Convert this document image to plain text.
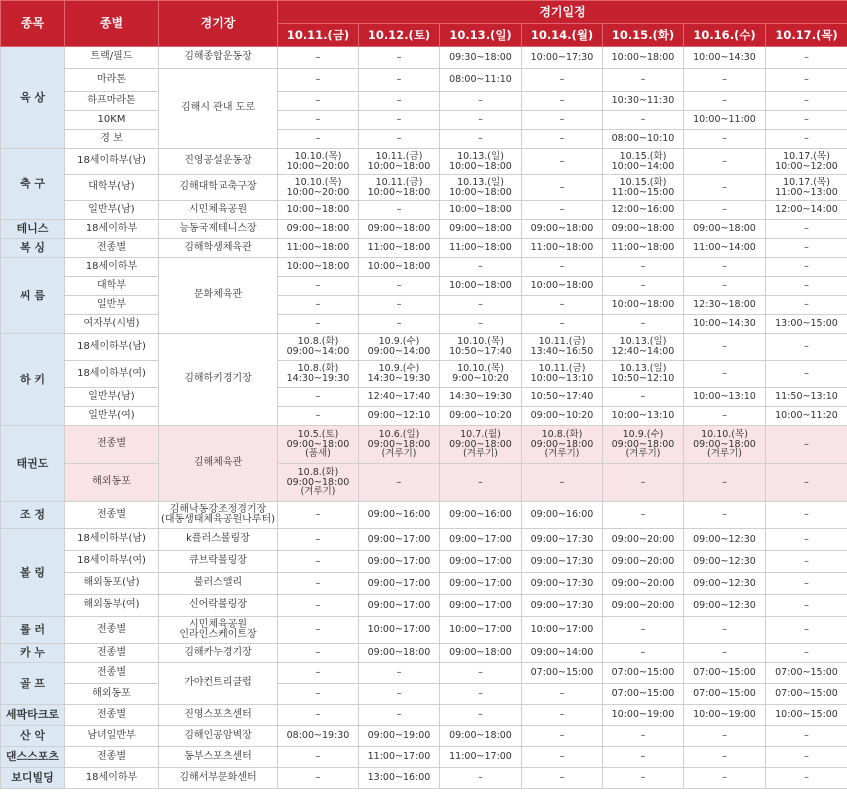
종목	종별	경기장	경기일정						
			10.11.(금)	10.12.(토)	10.13.(일)	10.14.(월)	10.15.(화)	10.16.(수)	10.17.(목)
육 상	트랙/필드	김해종합운동장	–	–	09:30~18:00	10:00~17:30	10:00~18:00	10:00~14:30	–
	마라톤	김해시 관내 도로	–	–	08:00~11:10	–	–	–	–
	하프마라톤		–	–	–	–	10:30~11:30	–	–
	10KM		–	–	–	–	–	10:00~11:00	–
	경 보		–	–	–	–	08:00~10:10	–	–
축 구	18세이하부(남)	진영공설운동장	10.10.(목)
10:00~20:00	10.11.(금)
10:00~18:00	10.13.(일)
10:00~18:00	–	10.15.(화)
10:00~14:00	–	10.17.(목)
10:00~12:00
	대학부(남)	김해대학교축구장	10.10.(목)
10:00~20:00	10.11.(금)
10:00~18:00	10.13.(일)
10:00~18:00	–	10.15.(화)
11:00~15:00	–	10.17.(목)
11:00~13:00
	일반부(남)	시민체육공원	10:00~18:00	–	10:00~18:00	–	12:00~16:00	–	12:00~14:00
테니스	18세이하부	능동국제테니스장	09:00~18:00	09:00~18:00	09:00~18:00	09:00~18:00	09:00~18:00	09:00~18:00	–
복 싱	전종별	김해학생체육관	11:00~18:00	11:00~18:00	11:00~18:00	11:00~18:00	11:00~18:00	11:00~14:00	–
씨 름	18세이하부	문화체육관	10:00~18:00	10:00~18:00	–	–	–	–	–
	대학부		–	–	10:00~18:00	10:00~18:00	–	–	–
	일반부		–	–	–	–	10:00~18:00	12:30~18:00	–
	여자부(시범)		–	–	–	–	–	10:00~14:30	13:00~15:00
하 키	18세이하부(남)	김해하키경기장	10.8.(화)
09:00~14:00	10.9.(수)
09:00~14:00	10.10.(목)
10:50~17:40	10.11.(금)
13:40~16:50	10.13.(일)
12:40~14:00	–	–
	18세이하부(여)		10.8.(화)
14:30~19:30	10.9.(수)
14:30~19:30	10.10.(목)
9:00~10:20	10.11.(금)
10:00~13:10	10.13.(일)
10:50~12:10	–	–
	일반부(남)		–	12:40~17:40	14:30~19:30	10:50~17:40	–	10:00~13:10	11:50~13:10
	일반부(여)		–	09:00~12:10	09:00~10:20	09:00~10:20	10:00~13:10	–	10:00~11:20
태권도	전종별	김해체육관	10.5.(토)
09:00~18:00
(품새)	10.6.(일)
09:00~18:00
(겨루기)	10.7.(월)
09:00~18:00
(겨루기)	10.8.(화)
09:00~18:00
(겨루기)	10.9.(수)
09:00~18:00
(겨루기)	10.10.(목)
09:00~18:00
(겨루기)	–
	해외동포		10.8.(화)
09:00~18:00
(겨루기)	–	–	–	–	–	–
조 정	전종별	김해낙동강조정경기장
(대동생태체육공원나루터)	–	09:00~16:00	09:00~16:00	09:00~16:00	–	–	–
볼 링	18세이하부(남)	k플러스볼링장	–	09:00~17:00	09:00~17:00	09:00~17:30	09:00~20:00	09:00~12:30	–
	18세이하부(여)	큐브락볼링장	–	09:00~17:00	09:00~17:00	09:00~17:30	09:00~20:00	09:00~12:30	–
	해외동포(남)	불러스앨리	–	09:00~17:00	09:00~17:00	09:00~17:30	09:00~20:00	09:00~12:30	–
	해외동부(여)	신어락볼링장	–	09:00~17:00	09:00~17:00	09:00~17:30	09:00~20:00	09:00~12:30	–
롤 러	전종별	시민체육공원
인라인스케이트장	–	10:00~17:00	10:00~17:00	10:00~17:00	–	–	–
카 누	전종별	김해카누경기장	–	09:00~18:00	09:00~18:00	09:00~14:00	–	–	–
골 프	전종별	가야컨트리클럽	–	–	–	07:00~15:00	07:00~15:00	07:00~15:00	07:00~15:00
	해외동포		–	–	–	–	07:00~15:00	07:00~15:00	07:00~15:00
세팍타크로	전종별	진영스포츠센터	–	–	–	–	10:00~19:00	10:00~19:00	10:00~15:00
산 악	남녀일반부	김해인공암벽장	08:00~19:30	09:00~19:00	09:00~18:00	–	–	–	–
댄스스포츠	전종별	동부스포츠센터	–	11:00~17:00	11:00~17:00	–	–	–	–
보디빌딩	18세이하부	김해서부문화센터	–	13:00~16:00	–	–	–	–	–
